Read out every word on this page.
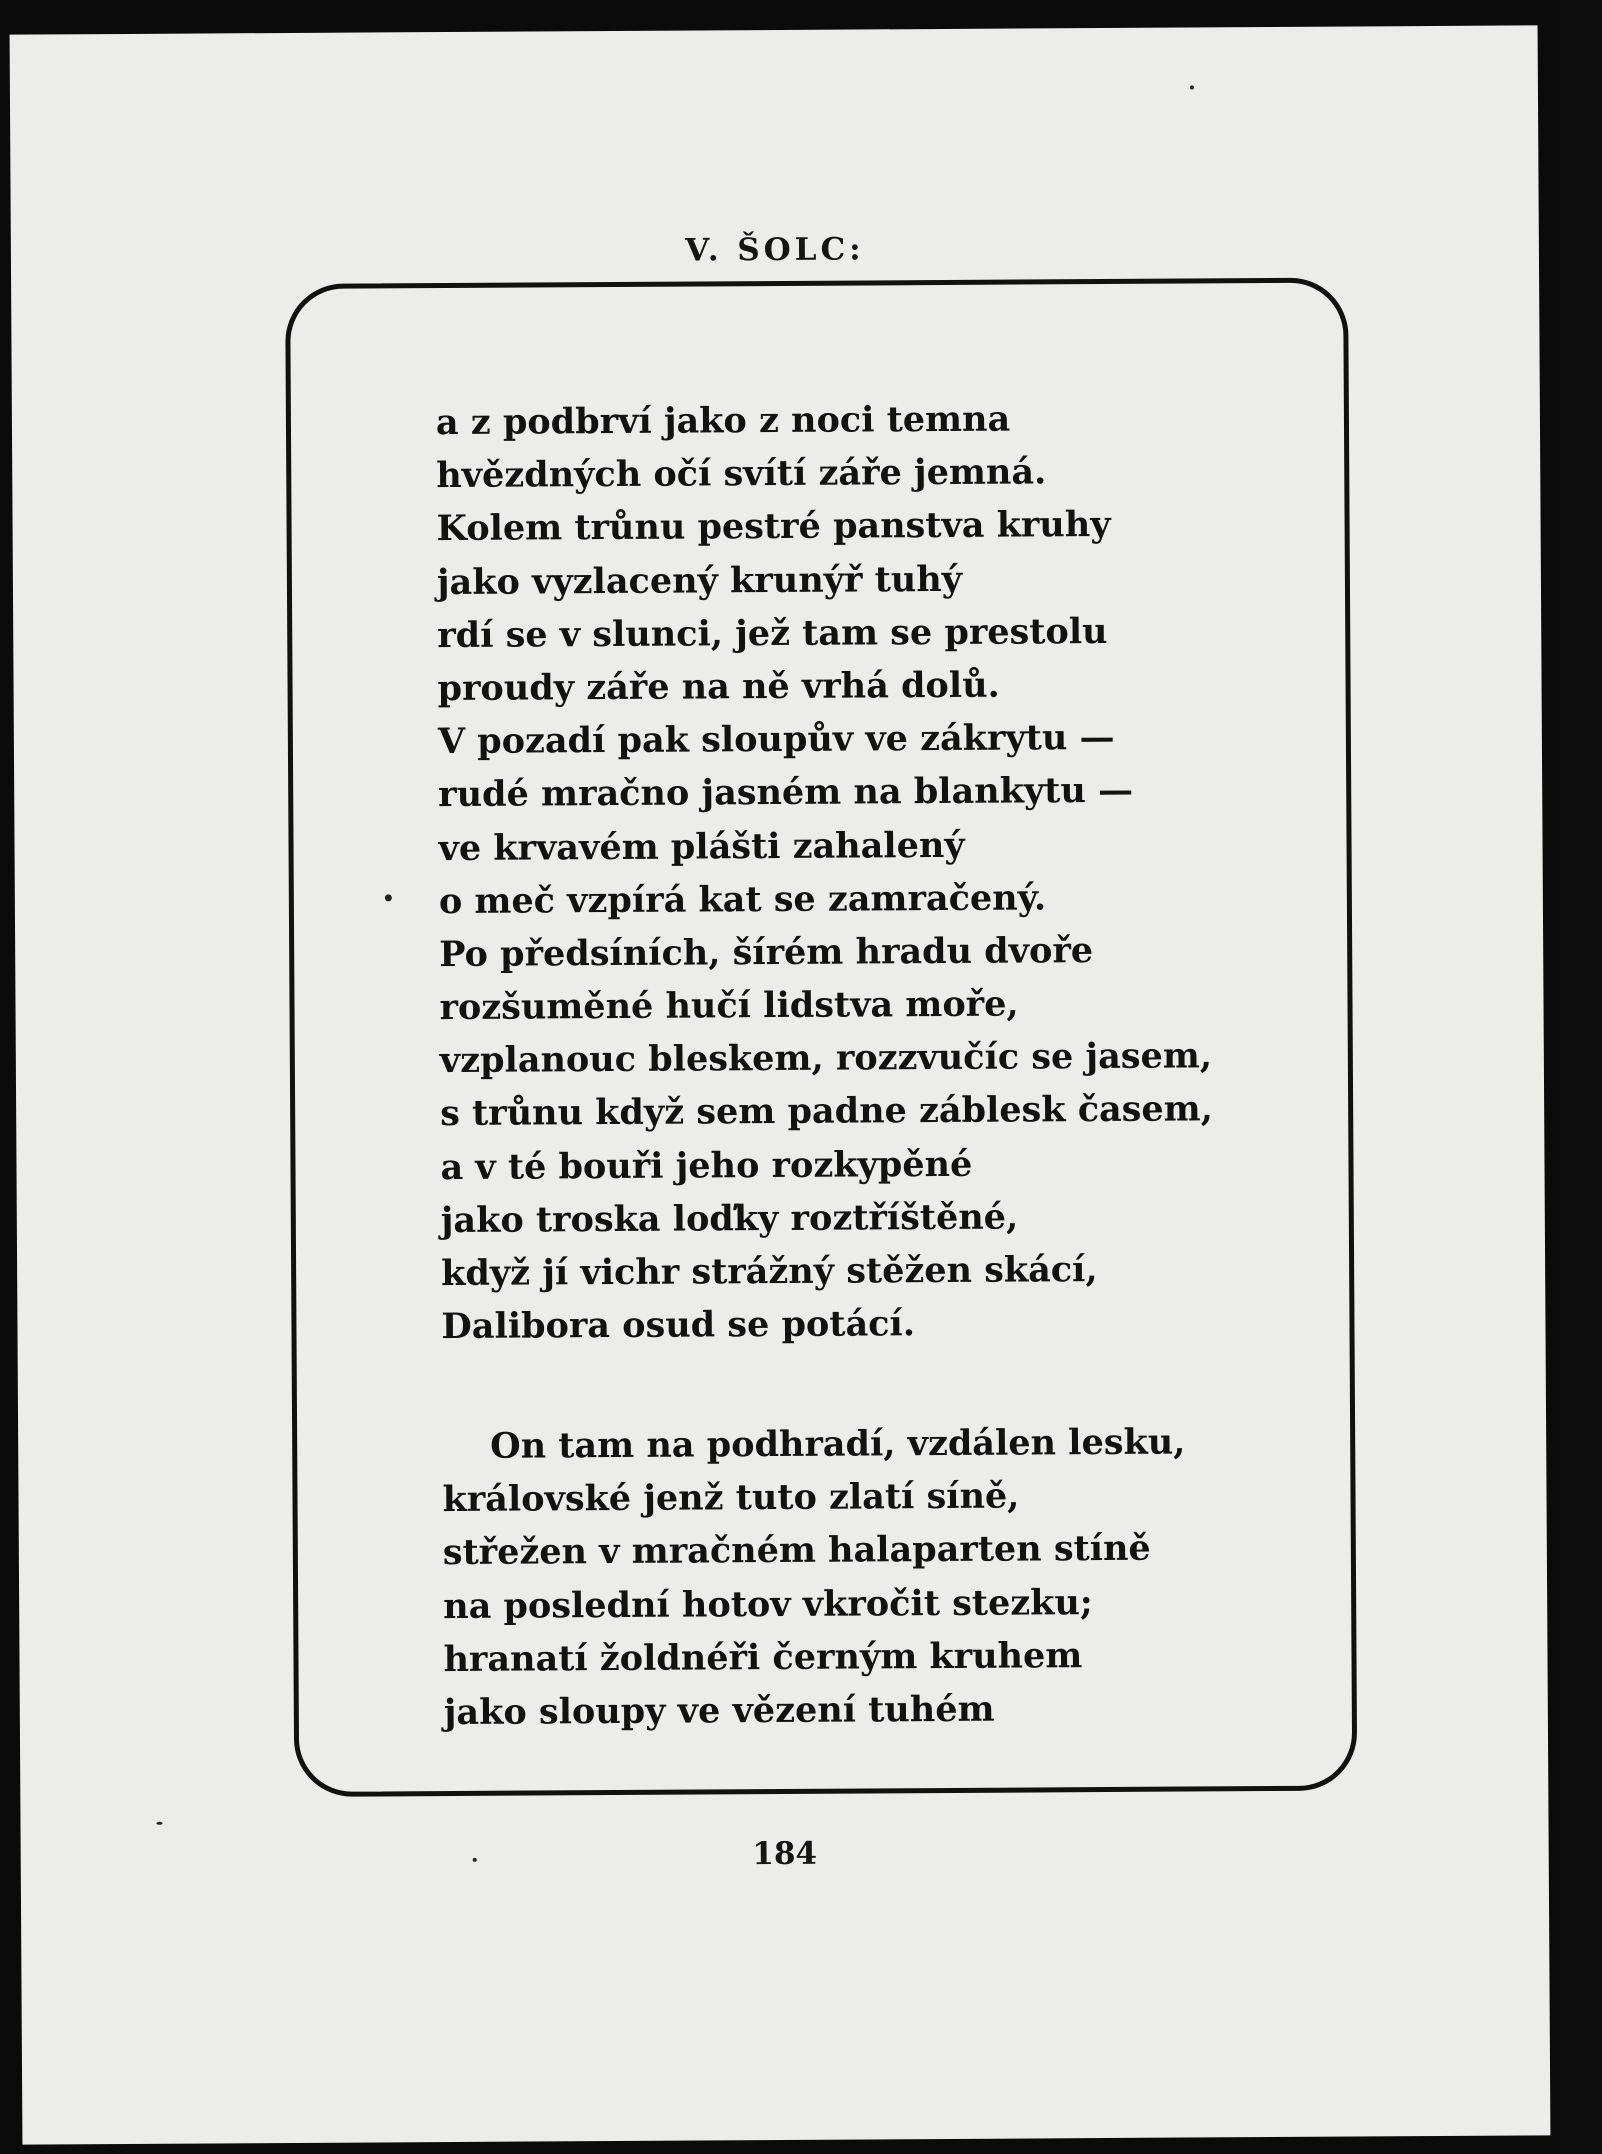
V. ŠOLC:
a z podbrví jako z noci temna
hvězdných očí svítí záře jemná.
Kolem trůnu pestré panstva kruhy
jako vyzlacený krunýř tuhý
rdí se v slunci, jež tam se prestolu
proudy záře na ně vrhá dolů.
V pozadí pak sloupův ve zákrytu —
rudé mračno jasném na blankytu —
ve krvavém plášti zahalený
o meč vzpírá kat se zamračený.
Po předsíních, šírém hradu dvoře
rozšuměné hučí lidstva moře,
vzplanouc bleskem, rozzvučíc se jasem,
s trůnu když sem padne záblesk časem,
a v té bouři jeho rozkypěné
jako troska loďky roztříštěné,
když jí vichr strážný stěžen skácí,
Dalibora osud se potácí.
On tam na podhradí, vzdálen lesku,
královské jenž tuto zlatí síně,
střežen v mračném halaparten stíně
na poslední hotov vkročit stezku;
hranatí žoldnéři černým kruhem
jako sloupy ve vězení tuhém
184
